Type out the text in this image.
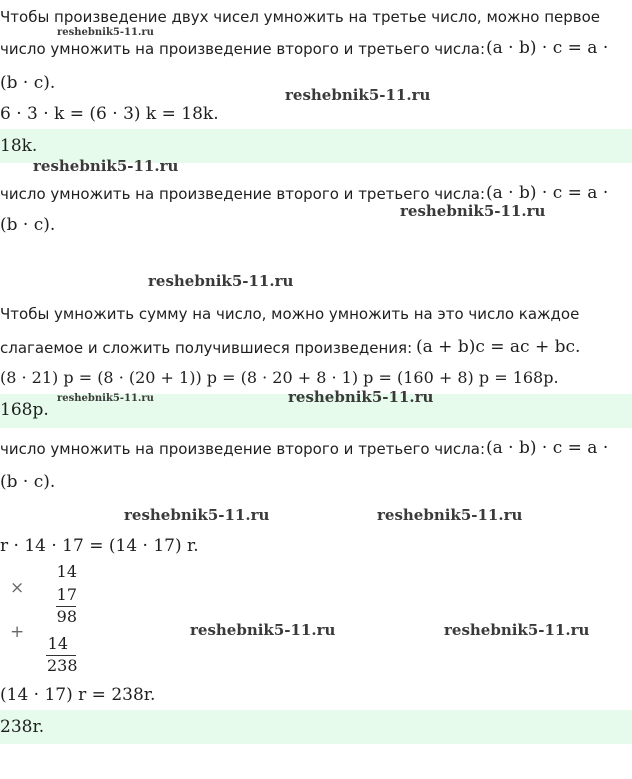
Чтобы произведение двух чисел умножить на третье число, можно первое
reshebnik5-11.ru
число умножить на произведение второго и третьего числа: (a · b) · c = a ·
(b · c).
reshebnik5-11.ru
6 · 3 · k = (6 · 3) k = 18k.
18k.
reshebnik5-11.ru
число умножить на произведение второго и третьего числа: (a · b) · c = a ·
reshebnik5-11.ru
(b · c).
reshebnik5-11.ru
Чтобы умножить сумму на число, можно умножить на это число каждое
слагаемое и сложить получившиеся произведения: (a + b)c = ac + bc.
(8 · 21) p = (8 · (20 + 1)) p = (8 · 20 + 8 · 1) p = (160 + 8) p = 168p.
168p.
reshebnik5-11.ru	reshebnik5-11.ru
число умножить на произведение второго и третьего числа: (a · b) · c = a ·
(b · c).
reshebnik5-11.ru	reshebnik5-11.ru
r · 14 · 17 = (14 · 17) r.
×
14
17
98
+
14
238
reshebnik5-11.ru	reshebnik5-11.ru
(14 · 17) r = 238r.
238r.
